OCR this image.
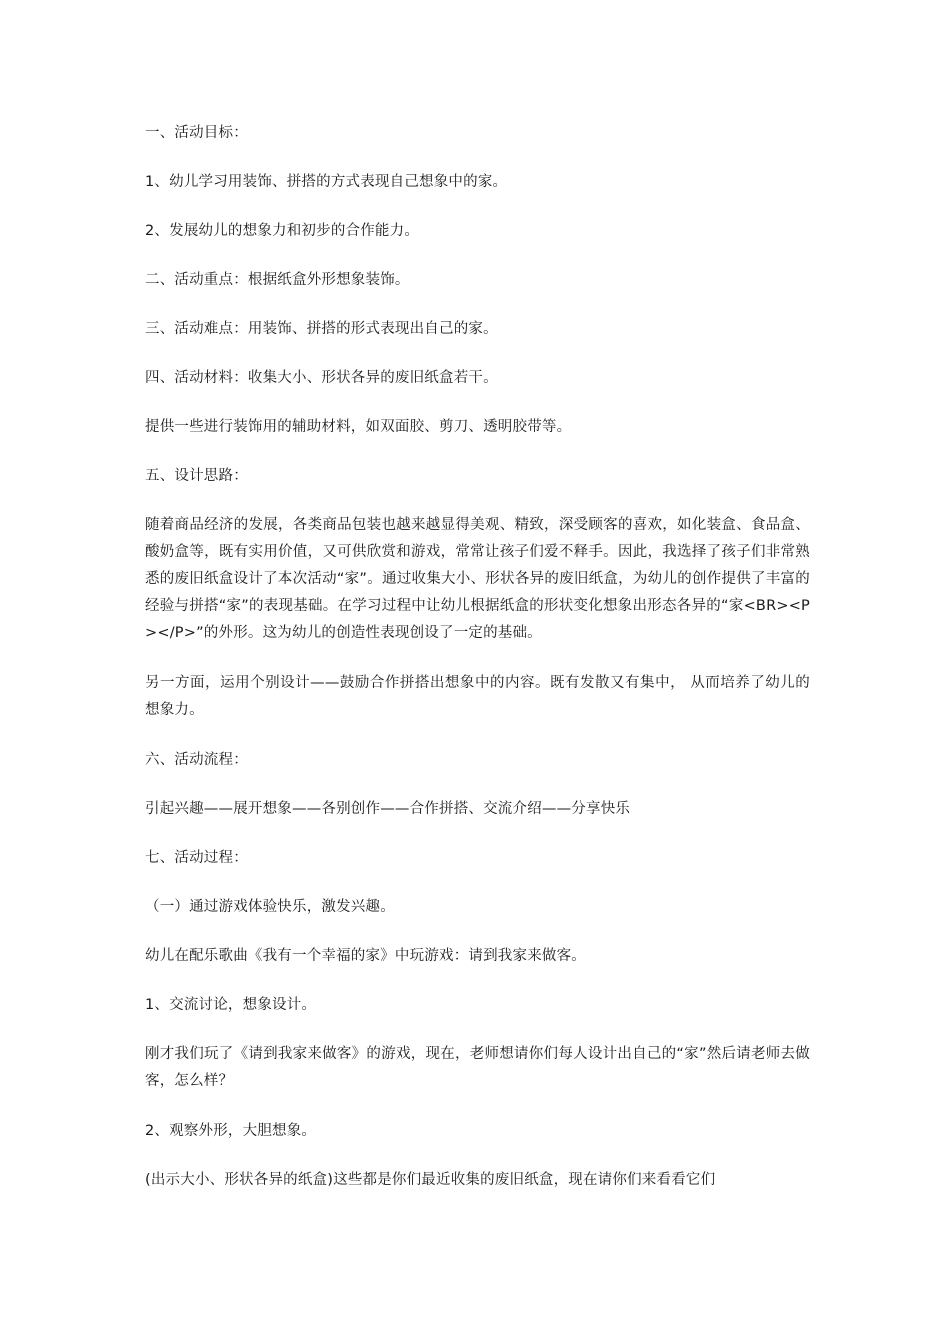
一、活动目标：

1、幼儿学习用装饰、拼搭的方式表现自己想象中的家。

2、发展幼儿的想象力和初步的合作能力。

二、活动重点：根据纸盒外形想象装饰。

三、活动难点：用装饰、拼搭的形式表现出自己的家。

四、活动材料：收集大小、形状各异的废旧纸盒若干。

提供一些进行装饰用的辅助材料，如双面胶、剪刀、透明胶带等。

五、设计思路：

随着商品经济的发展，各类商品包装也越来越显得美观、精致，深受顾客的喜欢，如化装盒、食品盒、酸奶盒等，既有实用价值，又可供欣赏和游戏，常常让孩子们爱不释手。因此，我选择了孩子们非常熟悉的废旧纸盒设计了本次活动“家”。通过收集大小、形状各异的废旧纸盒，为幼儿的创作提供了丰富的经验与拼搭“家”的表现基础。在学习过程中让幼儿根据纸盒的形状变化想象出形态各异的“家<BR><P></P>”的外形。这为幼儿的创造性表现创设了一定的基础。

另一方面，运用个别设计——鼓励合作拼搭出想象中的内容。既有发散又有集中， 从而培养了幼儿的想象力。

六、活动流程：

引起兴趣——展开想象——各别创作——合作拼搭、交流介绍——分享快乐

七、活动过程：

（一）通过游戏体验快乐，激发兴趣。

幼儿在配乐歌曲《我有一个幸福的家》中玩游戏：请到我家来做客。

1、交流讨论，想象设计。

刚才我们玩了《请到我家来做客》的游戏，现在，老师想请你们每人设计出自己的“家”然后请老师去做客，怎么样？

2、观察外形，大胆想象。

(出示大小、形状各异的纸盒)这些都是你们最近收集的废旧纸盒，现在请你们来看看它们
